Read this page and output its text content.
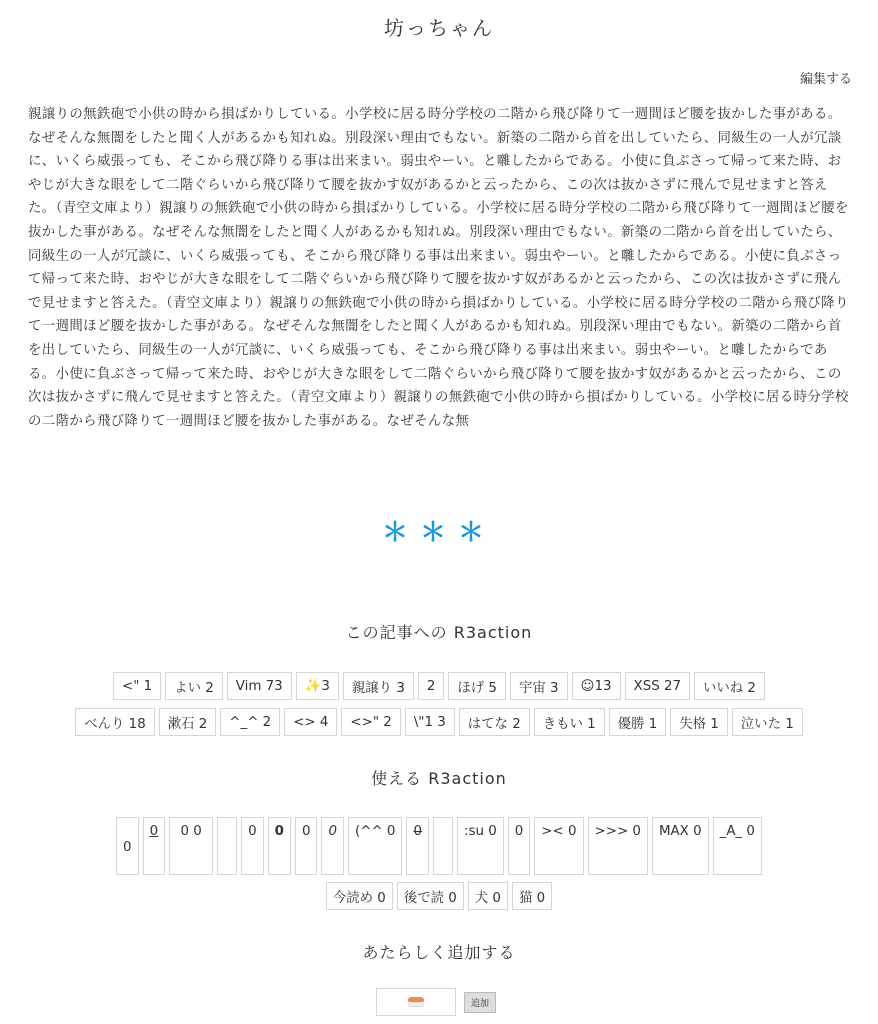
坊っちゃん
編集する
親譲りの無鉄砲で小供の時から損ばかりしている。小学校に居る時分学校の二階から飛び降りて一週間ほど腰を抜かした事がある。なぜそんな無闇をしたと聞く人があるかも知れぬ。別段深い理由でもない。新築の二階から首を出していたら、同級生の一人が冗談に、いくら威張っても、そこから飛び降りる事は出来まい。弱虫やーい。と囃したからである。小使に負ぶさって帰って来た時、おやじが大きな眼をして二階ぐらいから飛び降りて腰を抜かす奴があるかと云ったから、この次は抜かさずに飛んで見せますと答えた。（青空文庫より）親譲りの無鉄砲で小供の時から損ばかりしている。小学校に居る時分学校の二階から飛び降りて一週間ほど腰を抜かした事がある。なぜそんな無闇をしたと聞く人があるかも知れぬ。別段深い理由でもない。新築の二階から首を出していたら、同級生の一人が冗談に、いくら威張っても、そこから飛び降りる事は出来まい。弱虫やーい。と囃したからである。小使に負ぶさって帰って来た時、おやじが大きな眼をして二階ぐらいから飛び降りて腰を抜かす奴があるかと云ったから、この次は抜かさずに飛んで見せますと答えた。（青空文庫より）親譲りの無鉄砲で小供の時から損ばかりしている。小学校に居る時分学校の二階から飛び降りて一週間ほど腰を抜かした事がある。なぜそんな無闇をしたと聞く人があるかも知れぬ。別段深い理由でもない。新築の二階から首を出していたら、同級生の一人が冗談に、いくら威張っても、そこから飛び降りる事は出来まい。弱虫やーい。と囃したからである。小使に負ぶさって帰って来た時、おやじが大きな眼をして二階ぐらいから飛び降りて腰を抜かす奴があるかと云ったから、この次は抜かさずに飛んで見せますと答えた。（青空文庫より）親譲りの無鉄砲で小供の時から損ばかりしている。小学校に居る時分学校の二階から飛び降りて一週間ほど腰を抜かした事がある。なぜそんな無
＊＊＊
この記事への R3action
<" 1	よい 2	Vim 73	✨3	親譲り 3	2	ほげ 5	宇宙 3	☺13	XSS 27	いいね 2
べんり 18	漱石 2	^_^ 2	<> 4	<>" 2	\"1 3	はてな 2	きもい 1	優勝 1	失格 1	泣いた 1
使える R3action
0
0	0 0	0	0	0	0	(^^ 0	0	:su 0	0	>< 0	>>> 0	MAX 0	_A_ 0
今読め 0	後で読 0	犬 0	猫 0
あたらしく追加する
追加
